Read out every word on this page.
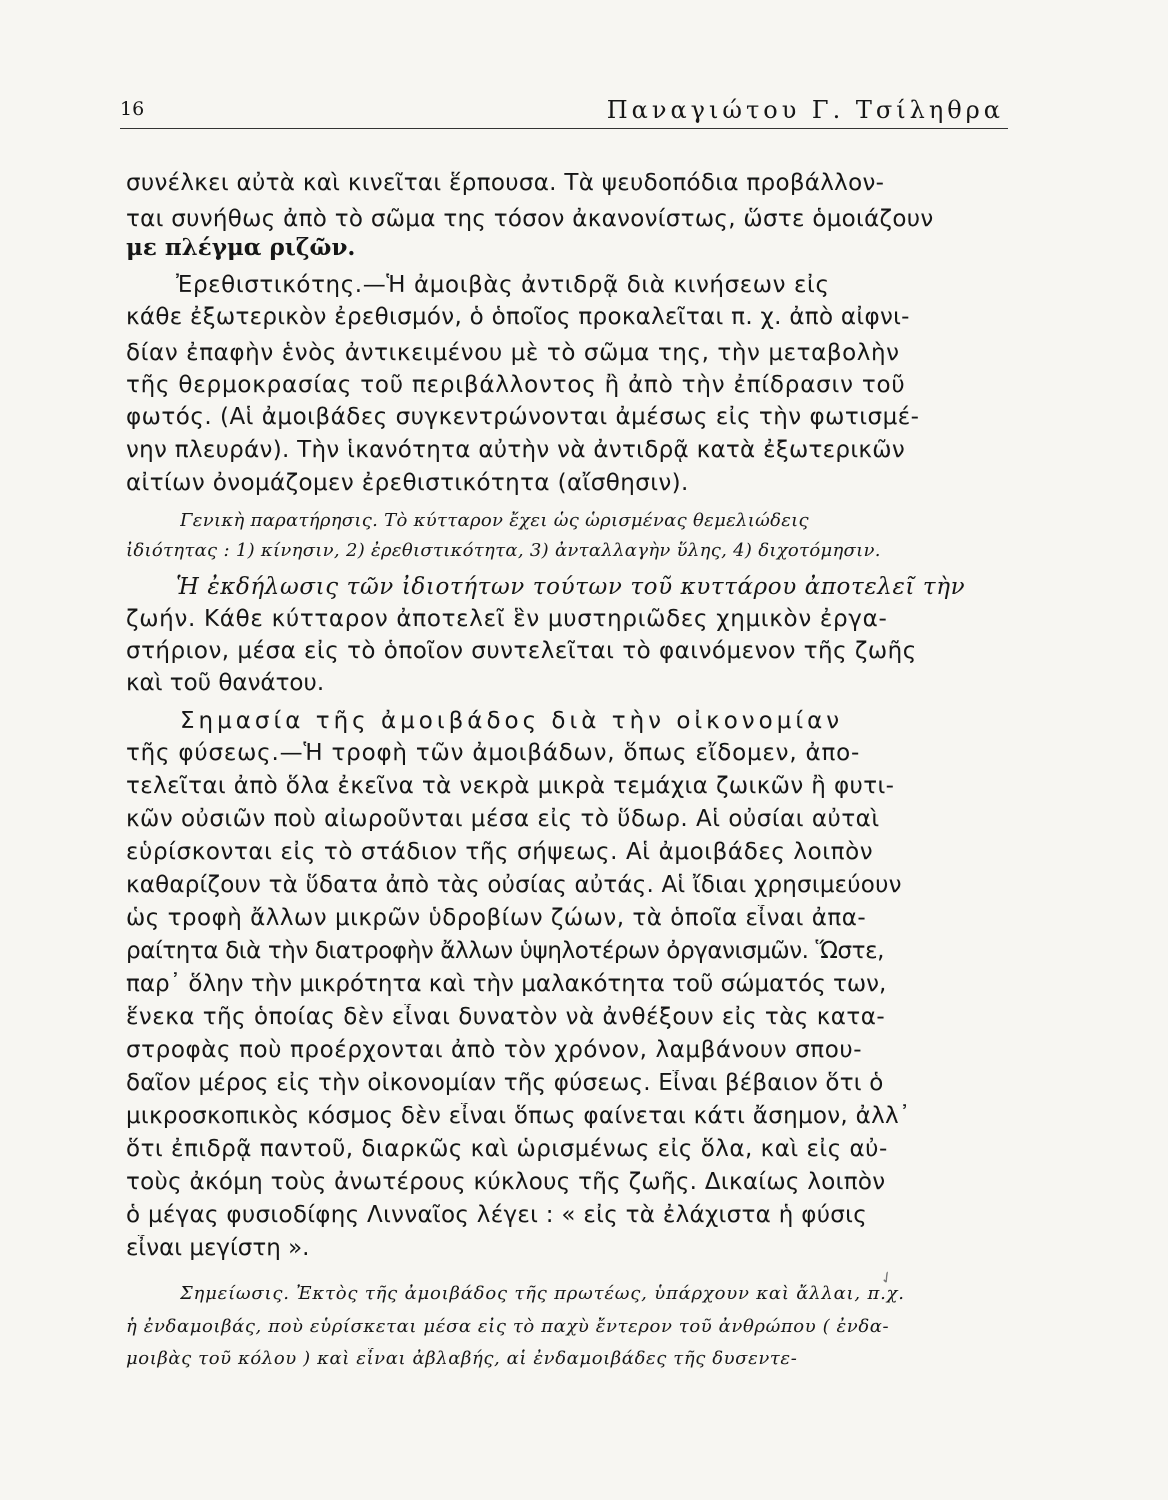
16	Παναγιώτου Γ. Τσίληθρα
συνέλκει αὐτὰ καὶ κινεῖται ἕρπουσα. Τὰ ψευδοπόδια προβάλλον-
ται συνήθως ἀπὸ τὸ σῶμα της τόσον ἀκανονίστως, ὥστε ὁμοιάζουν
με πλέγμα ριζῶν.
Ἐρεθιστικότης.—Ἡ ἀμοιβὰς ἀντιδρᾷ διὰ κινήσεων εἰς
κάθε ἐξωτερικὸν ἐρεθισμόν, ὁ ὁποῖος προκαλεῖται π. χ. ἀπὸ αἰφνι-
δίαν ἐπαφὴν ἑνὸς ἀντικειμένου μὲ τὸ σῶμα της, τὴν μεταβολὴν
τῆς θερμοκρασίας τοῦ περιβάλλοντος ἢ ἀπὸ τὴν ἐπίδρασιν τοῦ
φωτός. (Αἱ ἀμοιβάδες συγκεντρώνονται ἀμέσως εἰς τὴν φωτισμέ-
νην πλευράν). Τὴν ἱκανότητα αὐτὴν νὰ ἀντιδρᾷ κατὰ ἐξωτερικῶν
αἰτίων ὀνομάζομεν ἐρεθιστικότητα (αἴσθησιν).
Γενικὴ παρατήρησις. Τὸ κύτταρον ἔχει ὡς ὡρισμένας θεμελιώδεις
ἰδιότητας : 1) κίνησιν, 2) ἐρεθιστικότητα, 3) ἀνταλλαγὴν ὕλης, 4) διχοτόμησιν.
Ἡ ἐκδήλωσις τῶν ἰδιοτήτων τούτων τοῦ κυττάρου ἀποτελεῖ τὴν
ζωήν. Κάθε κύτταρον ἀποτελεῖ ἓν μυστηριῶδες χημικὸν ἐργα-
στήριον, μέσα εἰς τὸ ὁποῖον συντελεῖται τὸ φαινόμενον τῆς ζωῆς
καὶ τοῦ θανάτου.
Σημασία τῆς ἀμοιβάδος διὰ τὴν οἰκονομίαν
τῆς φύσεως.—Ἡ τροφὴ τῶν ἀμοιβάδων, ὅπως εἴδομεν, ἀπο-
τελεῖται ἀπὸ ὅλα ἐκεῖνα τὰ νεκρὰ μικρὰ τεμάχια ζωικῶν ἢ φυτι-
κῶν οὐσιῶν ποὺ αἰωροῦνται μέσα εἰς τὸ ὕδωρ. Αἱ οὐσίαι αὐταὶ
εὑρίσκονται εἰς τὸ στάδιον τῆς σήψεως. Αἱ ἀμοιβάδες λοιπὸν
καθαρίζουν τὰ ὕδατα ἀπὸ τὰς οὐσίας αὐτάς. Αἱ ἴδιαι χρησιμεύουν
ὡς τροφὴ ἄλλων μικρῶν ὑδροβίων ζώων, τὰ ὁποῖα εἶναι ἀπα-
ραίτητα διὰ τὴν διατροφὴν ἄλλων ὑψηλοτέρων ὀργανισμῶν. Ὥστε,
παρ᾽ ὅλην τὴν μικρότητα καὶ τὴν μαλακότητα τοῦ σώματός των,
ἕνεκα τῆς ὁποίας δὲν εἶναι δυνατὸν νὰ ἀνθέξουν εἰς τὰς κατα-
στροφὰς ποὺ προέρχονται ἀπὸ τὸν χρόνον, λαμβάνουν σπου-
δαῖον μέρος εἰς τὴν οἰκονομίαν τῆς φύσεως. Εἶναι βέβαιον ὅτι ὁ
μικροσκοπικὸς κόσμος δὲν εἶναι ὅπως φαίνεται κάτι ἄσημον, ἀλλ᾽
ὅτι ἐπιδρᾷ παντοῦ, διαρκῶς καὶ ὡρισμένως εἰς ὅλα, καὶ εἰς αὐ-
τοὺς ἀκόμη τοὺς ἀνωτέρους κύκλους τῆς ζωῆς. Δικαίως λοιπὸν
ὁ μέγας φυσιοδίφης Λινναῖος λέγει : « εἰς τὰ ἐλάχιστα ἡ φύσις
εἶναι μεγίστη ».
Σημείωσις. Ἐκτὸς τῆς ἀμοιβάδος τῆς πρωτέως, ὑπάρχουν καὶ ἄλλαι, π.χ.
ἡ ἐνδαμοιβάς, ποὺ εὑρίσκεται μέσα εἰς τὸ παχὺ ἔντερον τοῦ ἀνθρώπου ( ἐνδα-
μοιβὰς τοῦ κόλου ) καὶ εἶναι ἀβλαβής, αἱ ἐνδαμοιβάδες τῆς δυσεντε-
✓
